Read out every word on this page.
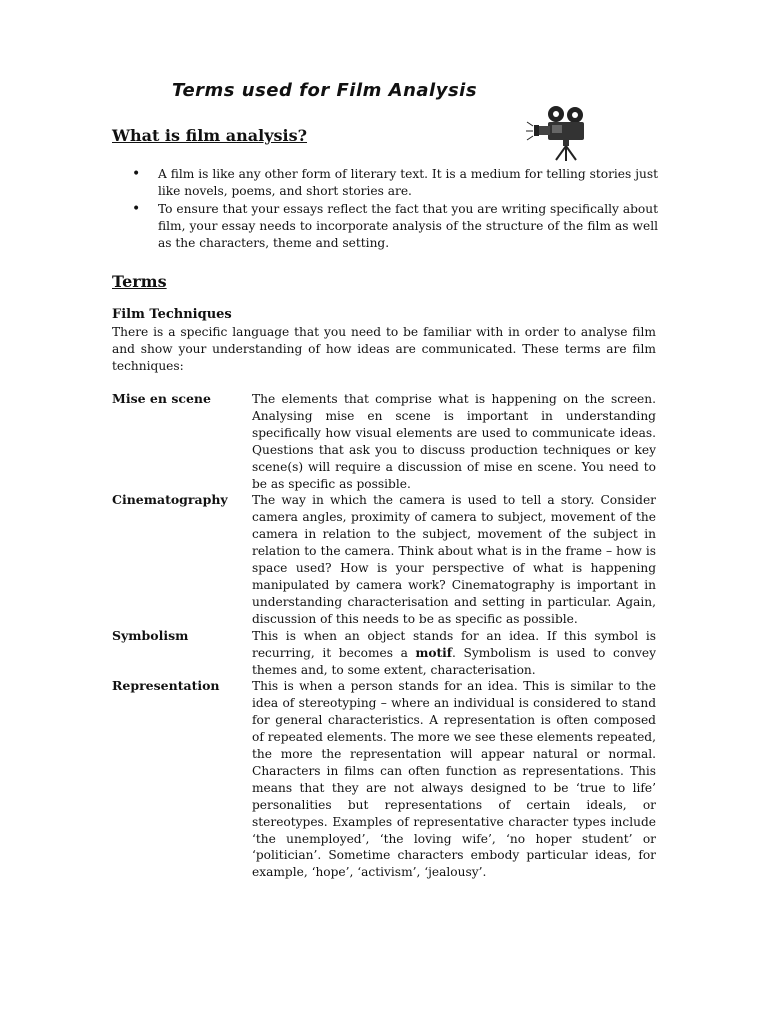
Terms used for Film Analysis
What is film analysis?
• A film is like any other form of literary text. It is a medium for telling stories just like novels, poems, and short stories are.
• To ensure that your essays reflect the fact that you are writing specifically about film, your essay needs to incorporate analysis of the structure of the film as well as the characters, theme and setting.
Terms
Film Techniques

There is a specific language that you need to be familiar with in order to analyse film and show your understanding of how ideas are communicated. These terms are film techniques:

Mise en scene	The elements that comprise what is happening on the screen. Analysing mise en scene is important in understanding specifically how visual elements are used to communicate ideas. Questions that ask you to discuss production techniques or key scene(s) will require a discussion of mise en scene. You need to be as specific as possible.
Cinematography	The way in which the camera is used to tell a story. Consider camera angles, proximity of camera to subject, movement of the camera in relation to the subject, movement of the subject in relation to the camera. Think about what is in the frame – how is space used? How is your perspective of what is happening manipulated by camera work? Cinematography is important in understanding characterisation and setting in particular. Again, discussion of this needs to be as specific as possible.
Symbolism	This is when an object stands for an idea. If this symbol is recurring, it becomes a motif. Symbolism is used to convey themes and, to some extent, characterisation.
Representation	This is when a person stands for an idea. This is similar to the idea of stereotyping – where an individual is considered to stand for general characteristics. A representation is often composed of repeated elements. The more we see these elements repeated, the more the representation will appear natural or normal. Characters in films can often function as representations. This means that they are not always designed to be ‘true to life’ personalities but representations of certain ideals, or stereotypes. Examples of representative character types include ‘the unemployed’, ‘the loving wife’, ‘no hoper student’ or ‘politician’. Sometime characters embody particular ideas, for example, ‘hope’, ‘activism’, ‘jealousy’.
